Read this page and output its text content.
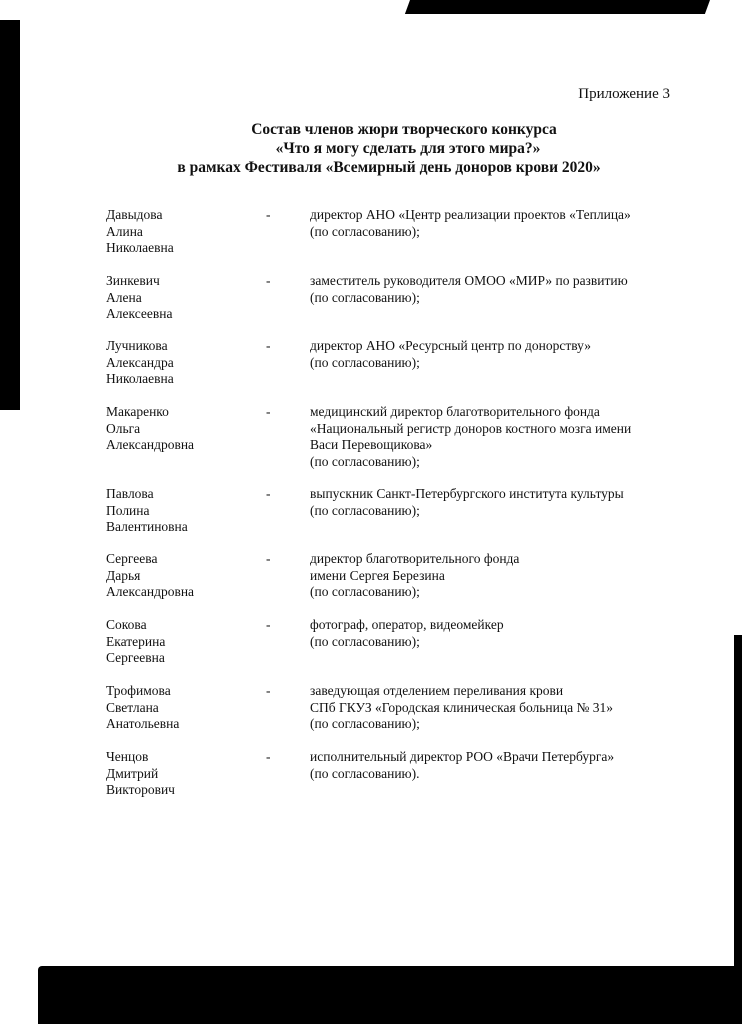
Приложение 3
Состав членов жюри творческого конкурса
«Что я могу сделать для этого мира?»
в рамках Фестиваля «Всемирный день доноров крови 2020»
Давыдова
Алина
Николаевна
-	директор АНО «Центр реализации проектов «Теплица»
(по согласованию);
Зинкевич
Алена
Алексеевна
-	заместитель руководителя ОМОО «МИР» по развитию
(по согласованию);
Лучникова
Александра
Николаевна
-	директор АНО «Ресурсный центр по донорству»
(по согласованию);
Макаренко
Ольга
Александровна
-	медицинский директор благотворительного фонда
«Национальный регистр доноров костного мозга имени
Васи Перевощикова»
(по согласованию);
Павлова
Полина
Валентиновна
-	выпускник Санкт-Петербургского института культуры
(по согласованию);
Сергеева
Дарья
Александровна
-	директор благотворительного фонда
имени Сергея Березина
(по согласованию);
Сокова
Екатерина
Сергеевна
-	фотограф, оператор, видеомейкер
(по согласованию);
Трофимова
Светлана
Анатольевна
-	заведующая отделением переливания крови
СПб ГКУЗ «Городская клиническая больница № 31»
(по согласованию);
Ченцов
Дмитрий
Викторович
-	исполнительный директор РОО «Врачи Петербурга»
(по согласованию).
